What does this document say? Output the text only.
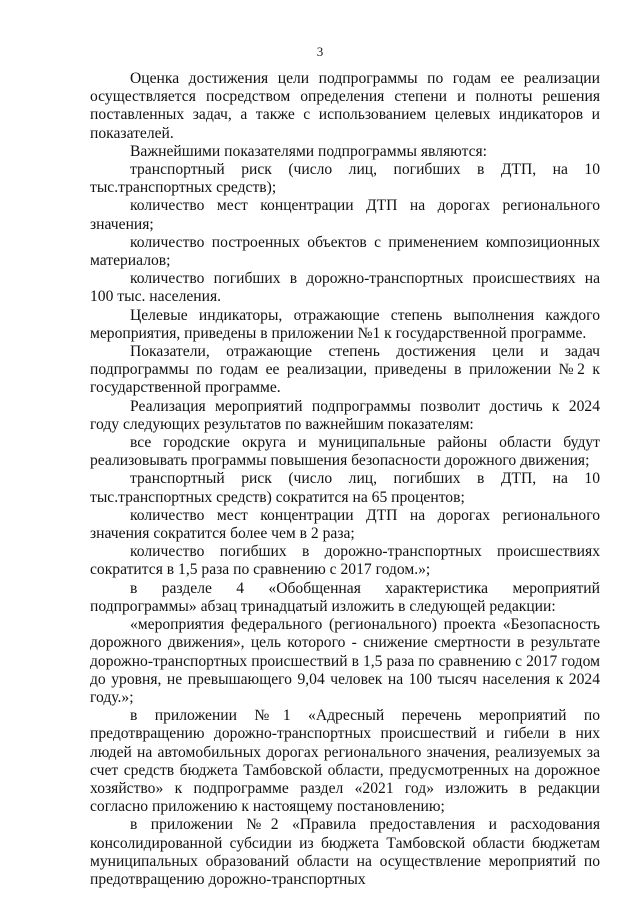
3

Оценка достижения цели подпрограммы по годам ее реализации осуществляется посредством определения степени и полноты решения поставленных задач, а также с использованием целевых индикаторов и показателей.

Важнейшими показателями подпрограммы являются:

транспортный риск (число лиц, погибших в ДТП, на 10 тыс.транспортных средств);

количество мест концентрации ДТП на дорогах регионального значения;

количество построенных объектов с применением композиционных материалов;

количество погибших в дорожно-транспортных происшествиях на 100 тыс. населения.

Целевые индикаторы, отражающие степень выполнения каждого мероприятия, приведены в приложении №1 к государственной программе.

Показатели, отражающие степень достижения цели и задач подпрограммы по годам ее реализации, приведены в приложении №2 к государственной программе.

Реализация мероприятий подпрограммы позволит достичь к 2024 году следующих результатов по важнейшим показателям:

все городские округа и муниципальные районы области будут реализовывать программы повышения безопасности дорожного движения;

транспортный риск (число лиц, погибших в ДТП, на 10 тыс.транспортных средств) сократится на 65 процентов;

количество мест концентрации ДТП на дорогах регионального значения сократится более чем в 2 раза;

количество погибших в дорожно-транспортных происшествиях сократится в 1,5 раза по сравнению с 2017 годом.»;

в разделе 4 «Обобщенная характеристика мероприятий подпрограммы» абзац тринадцатый изложить в следующей редакции:

«мероприятия федерального (регионального) проекта «Безопасность дорожного движения», цель которого - снижение смертности в результате дорожно-транспортных происшествий в 1,5 раза по сравнению с 2017 годом до уровня, не превышающего 9,04 человек на 100 тысяч населения к 2024 году.»;

в приложении №1 «Адресный перечень мероприятий по предотвращению дорожно-транспортных происшествий и гибели в них людей на автомобильных дорогах регионального значения, реализуемых за счет средств бюджета Тамбовской области, предусмотренных на дорожное хозяйство» к подпрограмме раздел «2021 год» изложить в редакции согласно приложению к настоящему постановлению;

в приложении №2 «Правила предоставления и расходования консолидированной субсидии из бюджета Тамбовской области бюджетам муниципальных образований области на осуществление мероприятий по предотвращению дорожно-транспортных
